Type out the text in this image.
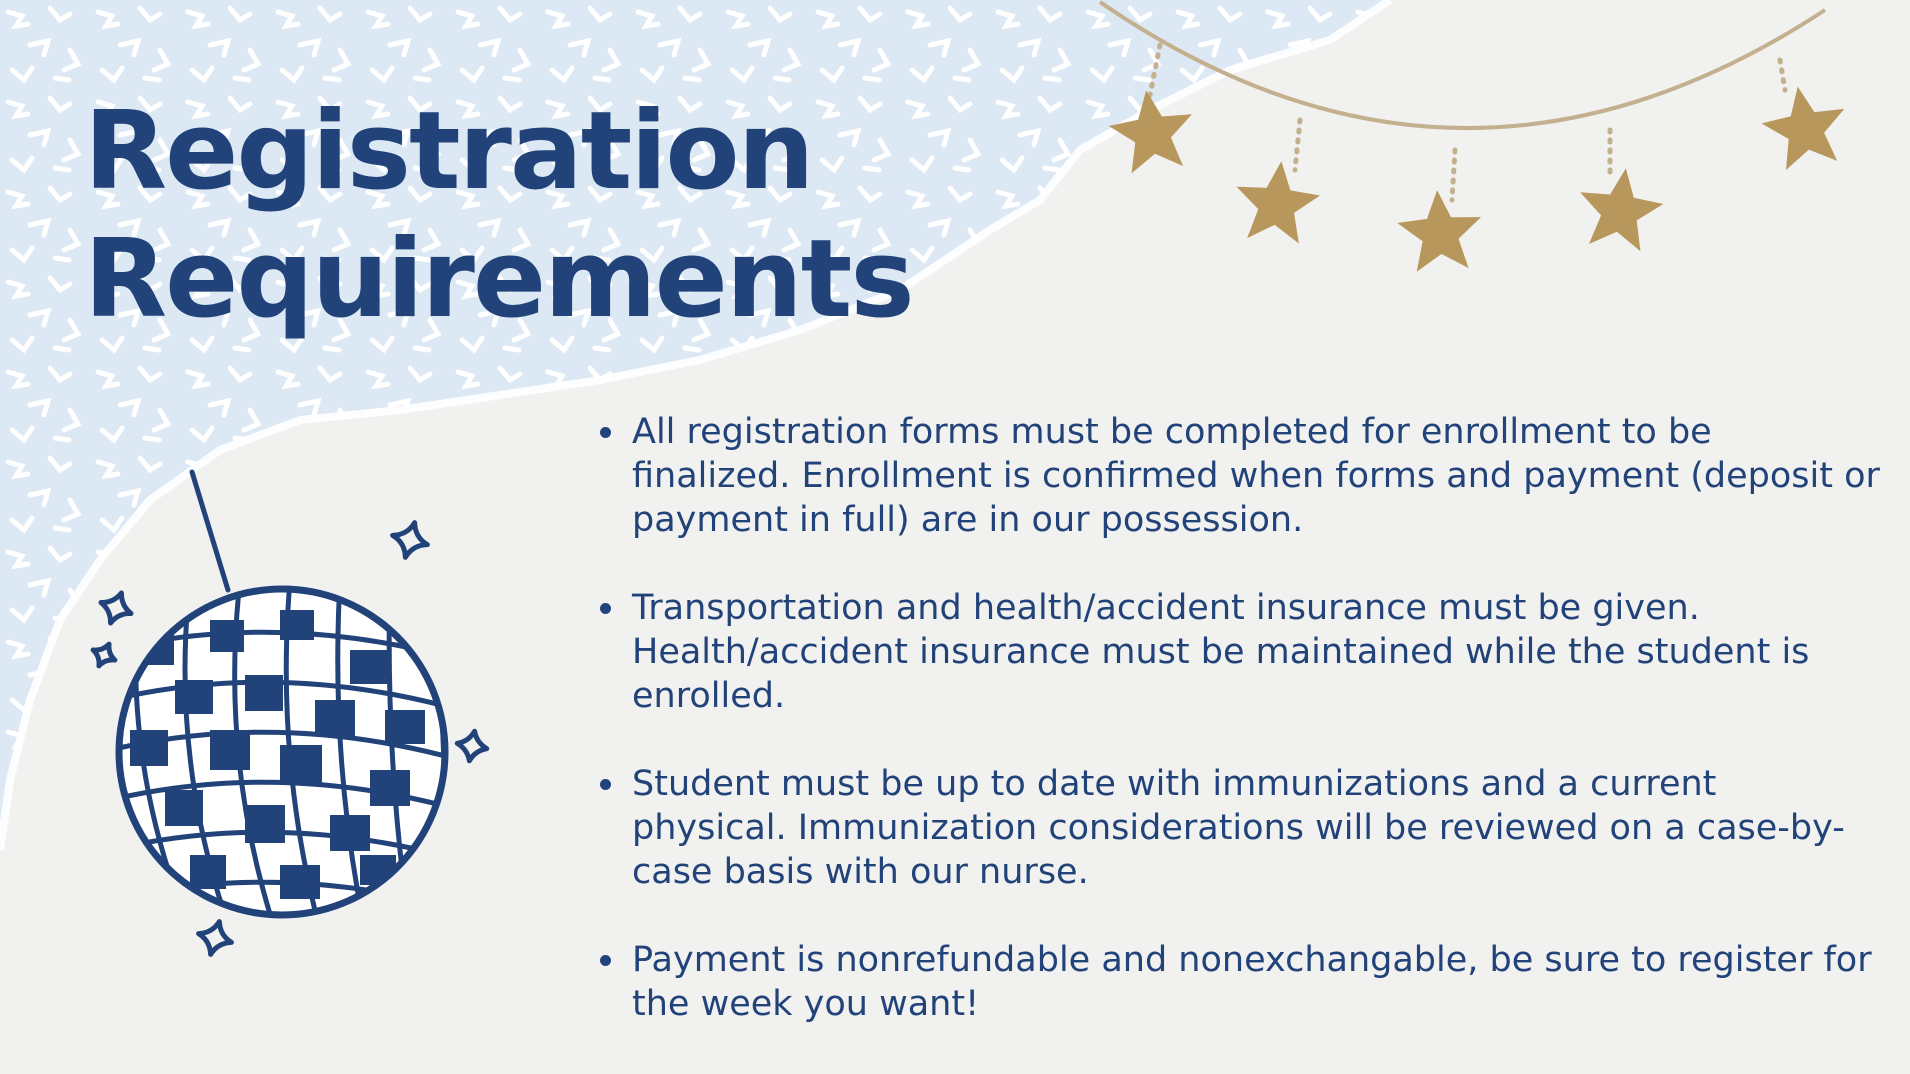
Registration
Requirements
All registration forms must be completed for enrollment to be finalized. Enrollment is confirmed when forms and payment (deposit or payment in full) are in our possession.
Transportation and health/accident insurance must be given. Health/accident insurance must be maintained while the student is enrolled.
Student must be up to date with immunizations and a current physical. Immunization considerations will be reviewed on a case-by-case basis with our nurse.
Payment is nonrefundable and nonexchangable, be sure to register for the week you want!
